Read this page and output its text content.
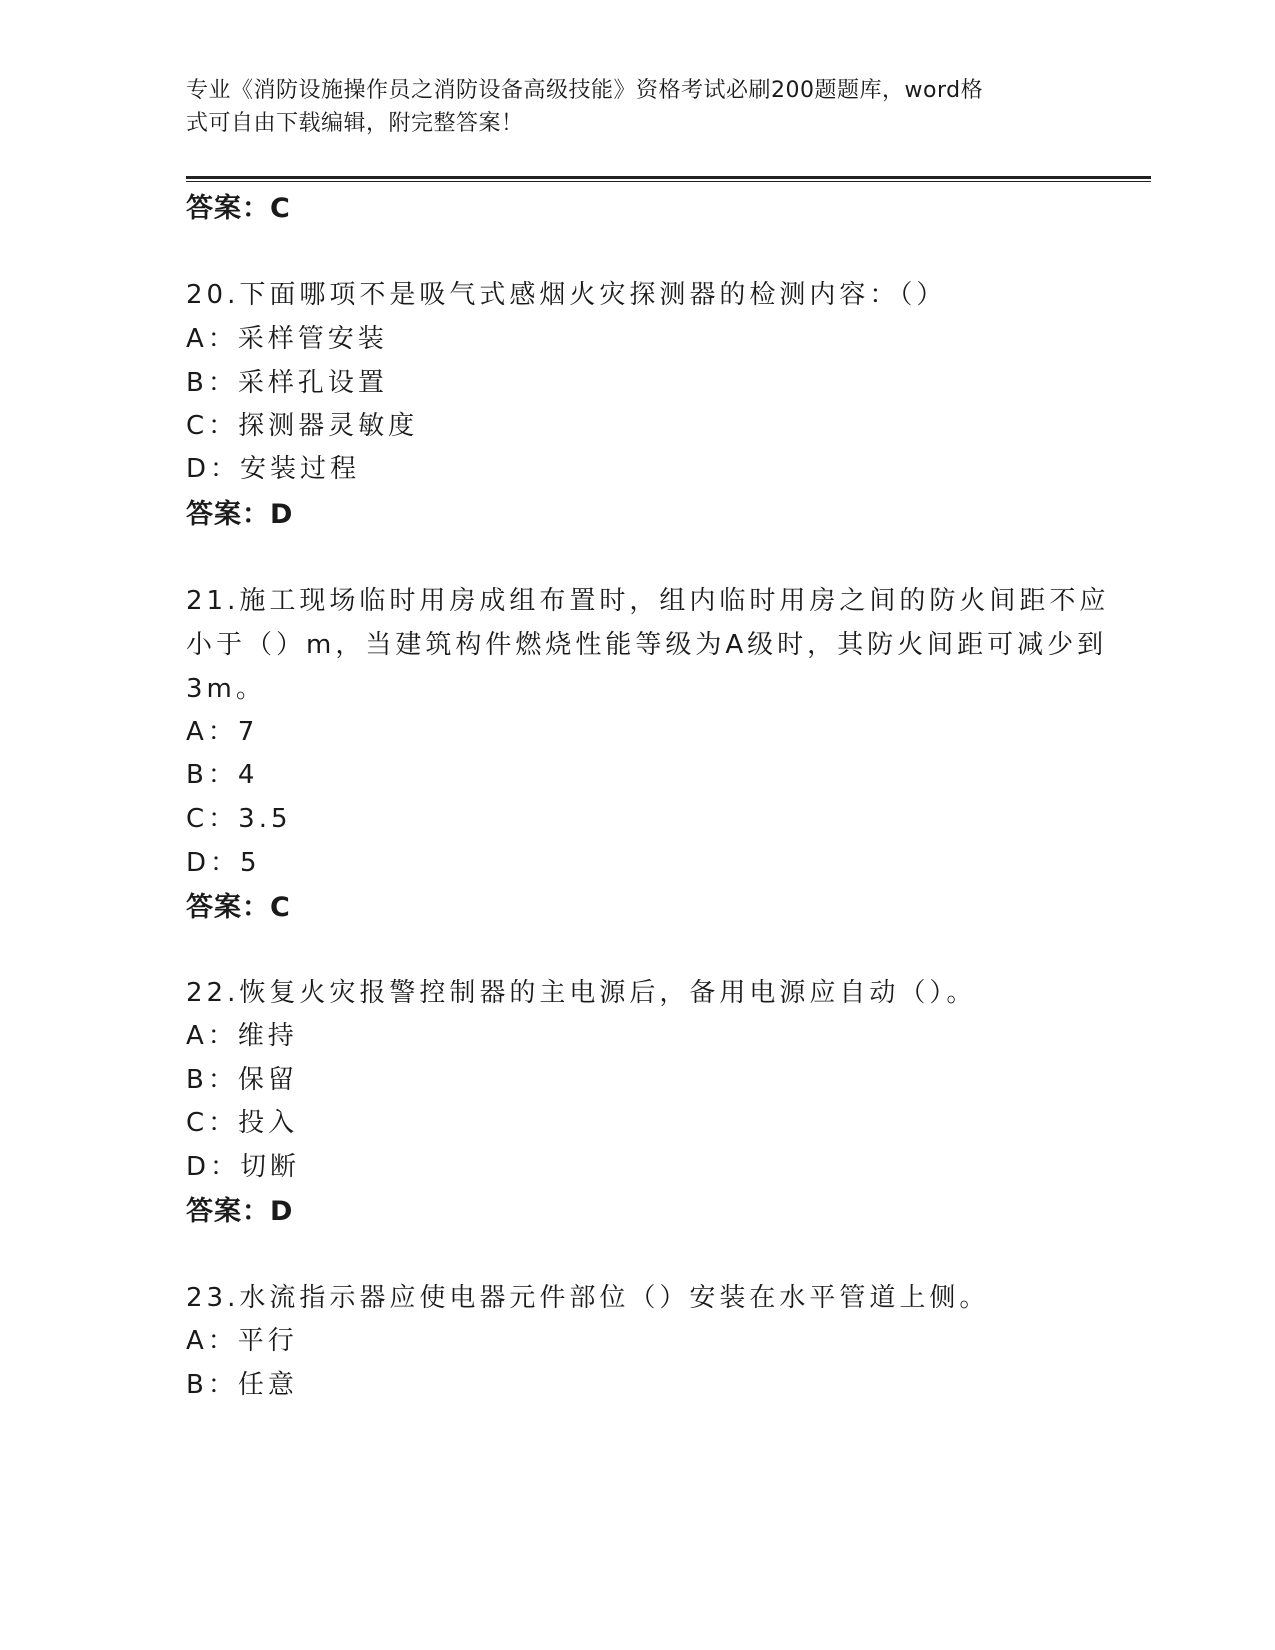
专业《消防设施操作员之消防设备高级技能》资格考试必刷200题题库，word格
式可自由下载编辑，附完整答案！
答案：C
20.下面哪项不是吸气式感烟火灾探测器的检测内容：（）
A：采样管安装
B：采样孔设置
C：探测器灵敏度
D：安装过程
答案：D
21.施工现场临时用房成组布置时，组内临时用房之间的防火间距不应
小于（）m，当建筑构件燃烧性能等级为A级时，其防火间距可减少到
3m。
A：7
B：4
C：3.5
D：5
答案：C
22.恢复火灾报警控制器的主电源后，备用电源应自动（）。
A：维持
B：保留
C：投入
D：切断
答案：D
23.水流指示器应使电器元件部位（）安装在水平管道上侧。
A：平行
B：任意
